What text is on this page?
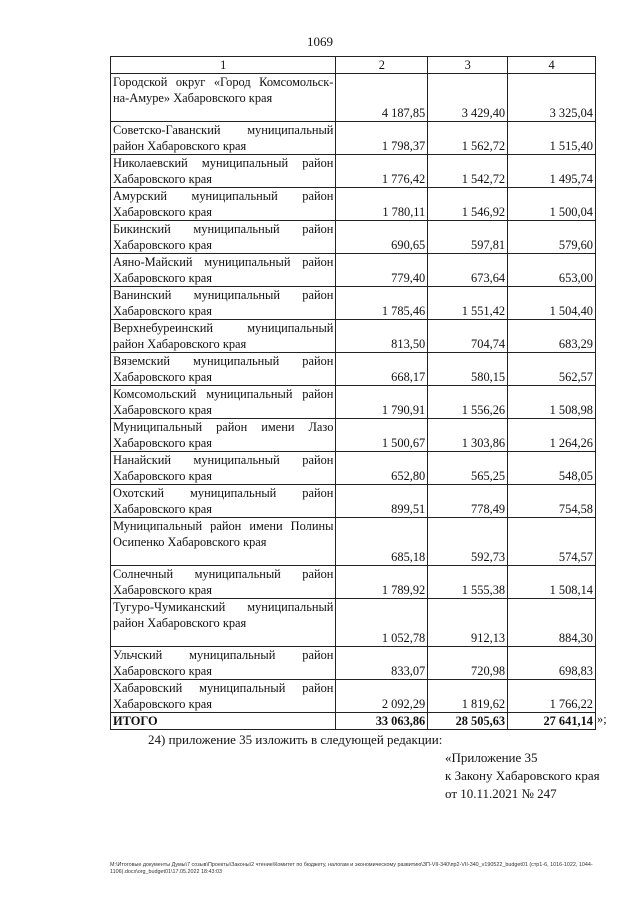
1069
1	2	3	4
Городской округ «Город Комсомольск-на-Амуре» Хабаровского края	4 187,85	3 429,40	3 325,04
Советско-Гаванский муниципальный район Хабаровского края	1 798,37	1 562,72	1 515,40
Николаевский муниципальный район Хабаровского края	1 776,42	1 542,72	1 495,74
Амурский муниципальный район Хабаровского края	1 780,11	1 546,92	1 500,04
Бикинский муниципальный район Хабаровского края	690,65	597,81	579,60
Аяно-Майский муниципальный район Хабаровского края	779,40	673,64	653,00
Ванинский муниципальный район Хабаровского края	1 785,46	1 551,42	1 504,40
Верхнебуреинский муниципальный район Хабаровского края	813,50	704,74	683,29
Вяземский муниципальный район Хабаровского края	668,17	580,15	562,57
Комсомольский муниципальный район Хабаровского края	1 790,91	1 556,26	1 508,98
Муниципальный район имени Лазо Хабаровского края	1 500,67	1 303,86	1 264,26
Нанайский муниципальный район Хабаровского края	652,80	565,25	548,05
Охотский муниципальный район Хабаровского края	899,51	778,49	754,58
Муниципальный район имени Полины Осипенко Хабаровского края	685,18	592,73	574,57
Солнечный муниципальный район Хабаровского края	1 789,92	1 555,38	1 508,14
Тугуро-Чумиканский муниципальный район Хабаровского края	1 052,78	912,13	884,30
Ульчский муниципальный район Хабаровского края	833,07	720,98	698,83
Хабаровский муниципальный район Хабаровского края	2 092,29	1 819,62	1 766,22
ИТОГО	33 063,86	28 505,63	27 641,14 »;
24) приложение 35 изложить в следующей редакции:
«Приложение 35
к Закону Хабаровского края
от 10.11.2021 № 247
М:\Итоговые документы Думы\7 созыв\Проекты\Законы\2 чтение\Комитет по бюджету, налогам и экономическому развитию\ЗП-VII-340\пр2-VII-340_v190522_budget01 (стр1-6, 1016-1022, 1044-1106).docx\org_budget01\17.05.2022 18:43:03
